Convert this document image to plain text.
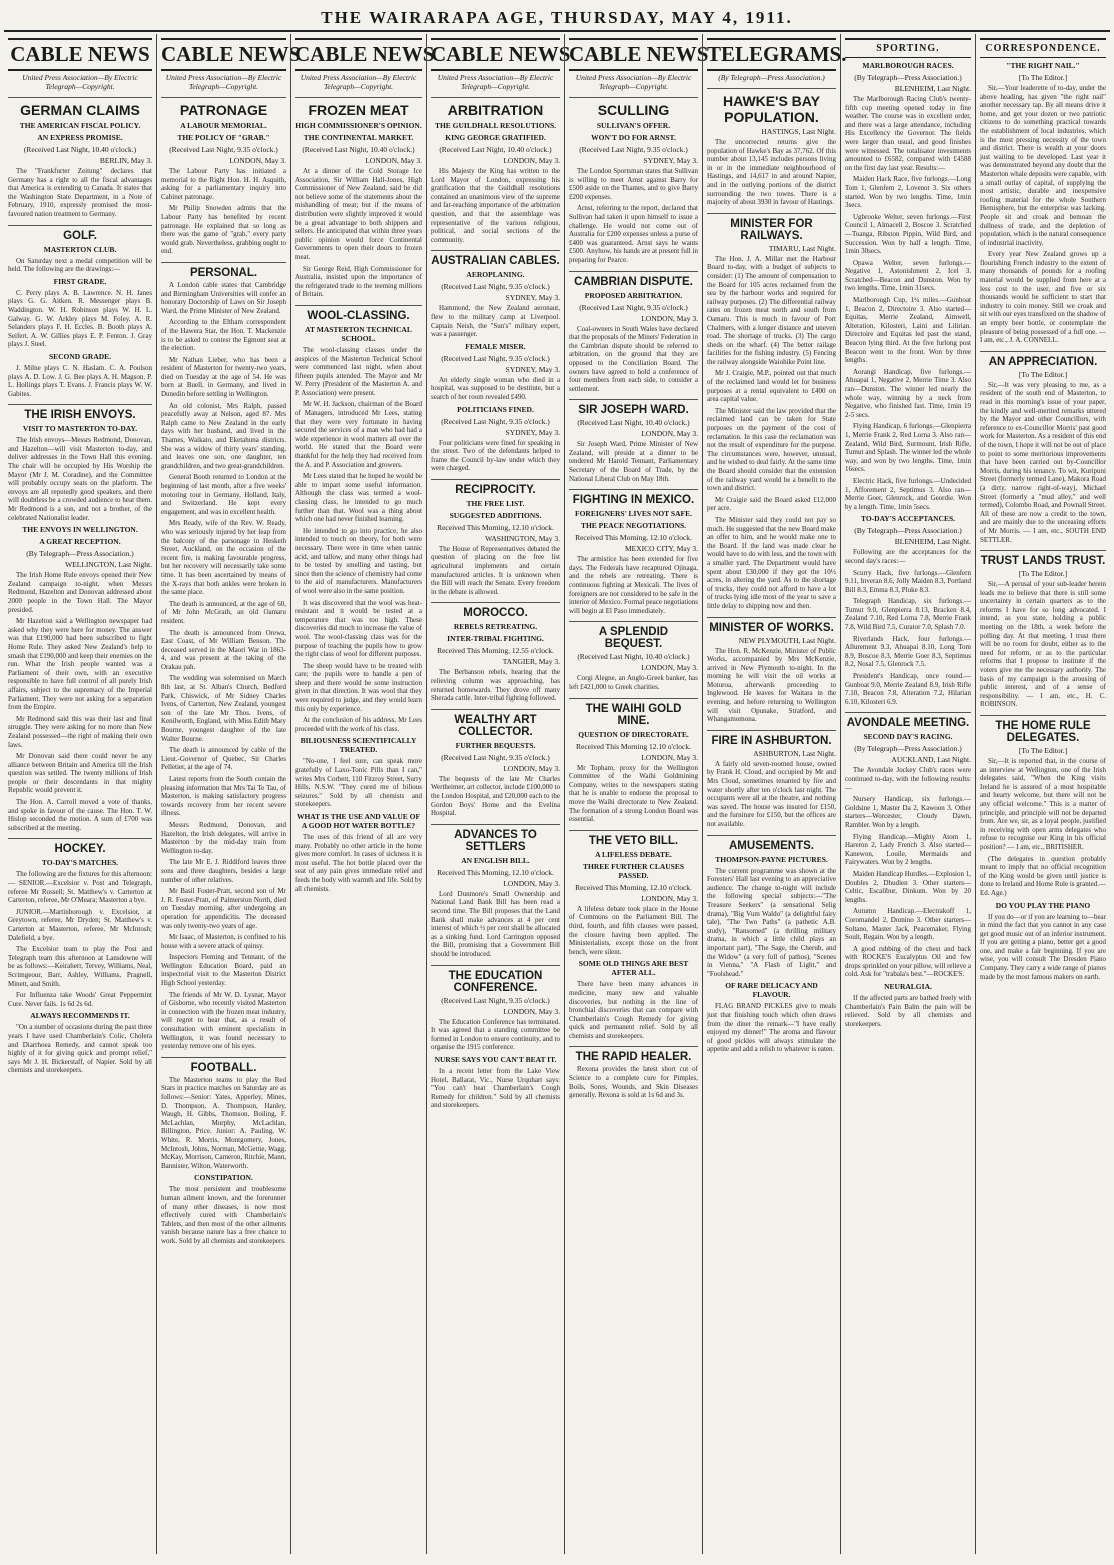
THE WAIRARAPA AGE, THURSDAY, MAY 4, 1911.
CABLE NEWS
United Press Association—By Electric Telegraph—Copyright.
GERMAN CLAIMS
THE AMERICAN FISCAL POLICY.
AN EXPRESS PROMISE.
(Received Last Night, 10.40 o'clock.)
BERLIN, May 3.
The "Frankfurter Zeitung" declares that Germany has a right to all the fiscal advantages that America is extending to Canada. It states that the Washington State Department, in a Note of February, 1910, expressly promised the most-favoured nation treatment to Germany.
GOLF.
MASTERTON CLUB.
On Saturday next a medal competition will be held. The following are the drawings:—
FIRST GRADE.
C. Perry plays A. B. Lawrence. N. H. Janes plays G. G. Aitken. R. Messenger plays B. Waddington. W. H. Robinson plays W. H. L. Galway. G. W. Arkley plays M. Foley. A. R. Selanders plays F. H. Eccles. B. Booth plays A. Seifert. A. W. Gillies plays E. P. Fenton. J. Gray plays J. Steel.
SECOND GRADE.
J. Milne plays C. N. Haslam. C. A. Poulson plays A. D. Low. J. G. Bee plays A. H. Magson. P. L. Hollings plays T. Evans. J. Francis plays W. W. Gabites.
THE IRISH ENVOYS.
VISIT TO MASTERTON TO-DAY.
The Irish envoys—Messrs Redmond, Donovan, and Hazelton—will visit Masterton to-day, and deliver addresses in the Town Hall this evening. The chair will be occupied by His Worship the Mayor (Mr J. M. Coradine), and the Committee will probably occupy seats on the platform. The envoys are all reputedly good speakers, and there will doubtless be a crowded audience to hear them. Mr Redmond is a son, and not a brother, of the celebrated Nationalist leader.
THE ENVOYS IN WELLINGTON.
A GREAT RECEPTION.
(By Telegraph—Press Association.)
WELLINGTON, Last Night.
The Irish Home Rule envoys opened their New Zealand campaign to-night, when Messrs Redmond, Hazelton and Donovan addressed about 2000 people in the Town Hall. The Mayor presided.
Mr Hazelton said a Wellington newspaper had asked why they were here for money. The answer was that £190,000 had been subscribed to fight Home Rule. They asked New Zealand's help to smash that £190,000 and keep their enemies on the run. What the Irish people wanted was a Parliament of their own, with an executive responsible to have full control of all purely Irish affairs, subject to the supremacy of the Imperial Parliament. They were not asking for a separation from the Empire.
Mr Redmond said this was their last and final struggle. They were asking for no more than New Zealand possessed—the right of making their own laws.
Mr Donovan said there could never be any alliance between Britain and America till the Irish question was settled. The twenty millions of Irish people or their descendants in that mighty Republic would prevent it.
The Hon. A. Carroll moved a vote of thanks, and spoke in favour of the cause. The Hon. T. W. Hislop seconded the motion. A sum of £700 was subscribed at the meeting.
HOCKEY.
TO-DAY'S MATCHES.
The following are the fixtures for this afternoon:— SENIOR.—Excelsior v. Post and Telegraph, referee Mr Rossell; St. Matthew's v. Carterton at Carterton, referee, Mr O'Meara; Masterton a bye.
JUNIOR.—Martinborough v. Excelsior, at Greytown, referee, Mr Dryden; St. Matthew's v. Carterton at Masterton, referee, Mr McIntosh; Dalefield, a bye.
The Excelsior team to play the Post and Telegraph team this afternoon at Lansdowne will be as follows:—Keiraherr, Tervey, Williams, Neal, Scrimgeour, Barr, Ashley, Williams, Pragnell, Minett, and Smith.
For Influenza take Woods' Great Peppermint Cure. Never fails. 1s 6d 2s 6d.
ALWAYS RECOMMENDS IT.
"On a number of occasions during the past three years I have used Chamberlain's Colic, Cholera and Diarrhoea Remedy, and cannot speak too highly of it for giving quick and prompt relief," says Mr J. H. Bickerstaff, of Napier. Sold by all chemists and storekeepers.
CABLE NEWS
United Press Association—By Electric Telegraph—Copyright.
PATRONAGE
A LABOUR MEMORIAL.
THE POLICY OF "GRAB."
(Received Last Night, 9.35 o'clock.)
LONDON, May 3.
The Labour Party has initiated a memorial to the Right Hon. H. H. Asquith, asking for a parliamentary inquiry into Cabinet patronage.
Mr Philip Snowden admits that the Labour Party has benefited by recent patronage. He explained that so long as there was the game of "grab," every party would grab. Nevertheless, grabbing ought to end.
PERSONAL.
A London cable states that Cambridge and Birmingham Universities will confer an honorary Doctorship of Laws on Sir Joseph Ward, the Prime Minister of New Zealand.
According to the Eltham correspondent of the Hawera Star, the Hon. T. Mackenzie is to be asked to contest the Egmont seat at the election.
Mr Nathan Lieber, who has been a resident of Masterton for twenty-two years, died on Tuesday at the age of 54. He was born at Buell, in Germany, and lived in Dunedin before settling in Wellington.
An old colonist, Mrs Ralph, passed peacefully away at Nelson, aged 87. Mrs Ralph came to New Zealand in the early days with her husband, and lived in the Thames, Waikato, and Eketahuna districts. She was a widow of thirty years' standing, and leaves one son, one daughter, ten grandchildren, and two great-grandchildren.
General Booth returned to London at the beginning of last month, after a five weeks' motoring tour in Germany, Holland, Italy, and Switzerland. He kept every engagement, and was in excellent health.
Mrs Ready, wife of the Rev. W. Ready, who was seriously injured by her leap from the balcony of the parsonage in Hesketh Street, Auckland, on the occasion of the recent fire, is making favourable progress, but her recovery will necessarily take some time. It has been ascertained by means of the X-rays that both ankles were broken in the same place.
The death is announced, at the age of 60, of Mr John McGrath, an old Oamaru resident.
The death is announced from Orewa, East Coast, of Mr William Benson. The deceased served in the Maori War in 1863-4, and was present at the taking of the Orakau pah.
The wedding was solemnised on March 8th last, at St. Alban's Church, Bedford Park, Chiswick, of Mr Sidney Charles Ivens, of Carterton, New Zealand, youngest son of the late Mr Thos. Ivens, of Kenilworth, England, with Miss Edith Mary Bourne, youngest daughter of the late Walter Bourne.
The death is announced by cable of the Lieut.-Governor of Quebec, Sir Charles Pelletier, at the age of 74.
Latest reports from the South contain the pleasing information that Mrs Tai Te Tau, of Masterton, is making satisfactory progress towards recovery from her recent severe illness.
Messrs Redmond, Donovan, and Hazelton, the Irish delegates, will arrive in Masterton by the mid-day train from Wellington to-day.
The late Mr E. J. Riddiford leaves three sons and three daughters, besides a large number of other relatives.
Mr Basil Foster-Pratt, second son of Mr J. R. Foster-Pratt, of Palmerston North, died on Tuesday morning, after undergoing an operation for appendicitis. The deceased was only twenty-two years of age.
Mr Isaac, of Masterton, is confined to his house with a severe attack of quinsy.
Inspectors Fleming and Tennant, of the Wellington Education Board, paid an inspectorial visit to the Masterton District High School yesterday.
The friends of Mr W. D. Lysnar, Mayor of Gisborne, who recently visited Masterton in connection with the frozen meat industry, will regret to hear that, as a result of consultation with eminent specialists in Wellington, it was found necessary to yesterday remove one of his eyes.
FOOTBALL.
The Masterton teams to play the Red Stars in practice matches on Saturday are as follows:—Senior: Yates, Apperley, Mines, D. Thompson, A. Thompson, Hanley, Waugh, H. Gibbs, Thomson, Boiling, F. McLachlan, Murphy, McLachlan, Billington, Price. Junior: A. Pauling, W. White, R. Morris, Montgomery, Jones, McIntosh, Johns, Norman, McGettie, Wagg, McKay, Morrison, Cameron, Ritchie, Mann, Bannister, Wilton, Waterworth.
CONSTIPATION.
The most persistent and troublesome human ailment known, and the forerunner of many other diseases, is now most effectively cured with Chamberlain's Tablets, and then most of the other ailments vanish because nature has a free chance to work. Sold by all chemists and storekeepers.
CABLE NEWS
United Press Association—By Electric Telegraph—Copyright.
FROZEN MEAT
HIGH COMMISSIONER'S OPINION.
THE CONTINENTAL MARKET.
(Received Last Night, 10.40 o'clock.)
LONDON, May 3.
At a dinner of the Cold Storage Ice Association, Sir William Hall-Jones, High Commissioner of New Zealand, said he did not believe some of the statements about the mishandling of meat; but if the means of distribution were slightly improved it would be a great advantage to both shippers and sellers. He anticipated that within three years public opinion would force Continental Governments to open their doors to frozen meat.
Sir George Reid, High Commissioner for Australia, insisted upon the importance of the refrigerated trade to the teeming millions of Britain.
WOOL-CLASSING.
AT MASTERTON TECHNICAL SCHOOL.
The wool-classing classes under the auspices of the Masterton Technical School were commenced last night, when about fifteen pupils attended. The Mayor and Mr W. Perry (President of the Masterton A. and P. Association) were present.
Mr W. H. Jackson, chairman of the Board of Managers, introduced Mr Lees, stating that they were very fortunate in having secured the services of a man who had had a wide experience in wool matters all over the world. He stated that the Board were thankful for the help they had received from the A. and P. Association and growers.
Mr Lees stated that he hoped he would be able to impart some useful information. Although the class was termed a wool-classing class, he intended to go much further than that. Wool was a thing about which one had never finished learning.
He intended to go into practice, he also intended to touch on theory, for both were necessary. There were in time when tannic acid, and tallow, and many other things had to be tested by smelling and tasting, but since then the science of chemistry had come to the aid of manufacturers. Manufacturers of wool were also in the same position.
It was discovered that the wool was heat-resistant and it would be tested at a temperature that was too high. These discoveries did much to increase the value of wool. The wool-classing class was for the purpose of teaching the pupils how to grow the right class of wool for different purposes.
The sheep would have to be treated with care; the pupils were to handle a pen of sheep and there would be some instruction given in that direction. It was wool that they were required to judge, and they would learn this only by experience.
At the conclusion of his address, Mr Lees proceeded with the work of his class.
BILIOUSNESS SCIENTIFICALLY TREATED.
"No-one, I feel sure, can speak more gratefully of Laxo-Tonic Pills than I can," writes Mrs Corbett, 110 Fitzroy Street, Surry Hills, N.S.W. "They cured me of bilious seizures." Sold by all chemists and storekeepers.
WHAT IS THE USE AND VALUE OF A GOOD HOT WATER BOTTLE?
The uses of this friend of all are very many. Probably no other article in the home gives more comfort. In cases of sickness it is most useful. The hot bottle placed over the seat of any pain gives immediate relief and feeds the body with warmth and life. Sold by all chemists.
CABLE NEWS
United Press Association—By Electric Telegraph—Copyright.
ARBITRATION
THE GUILDHALL RESOLUTIONS.
KING GEORGE GRATIFIED.
(Received Last Night, 10.40 o'clock.)
LONDON, May 3.
His Majesty the King has written to the Lord Mayor of London, expressing his gratification that the Guildhall resolutions contained an unanimous view of the supreme and far-reaching importance of the arbitration question, and that the assemblage was representative of the various religious, political, and social sections of the community.
AUSTRALIAN CABLES.
AEROPLANING.
(Received Last Night, 9.35 o'clock.)
SYDNEY, May 3.
Hammond, the New Zealand aeronaut, flew to the military camp at Liverpool. Captain Neish, the "Sun's" military expert, was a passenger.
FEMALE MISER.
(Received Last Night, 9.35 o'clock.)
SYDNEY, May 3.
An elderly single woman who died in a hospital, was supposed to be destitute, but a search of her room revealed £490.
POLITICIANS FINED.
(Received Last Night, 9.35 o'clock.)
SYDNEY, May 3.
Four politicians were fined for speaking in the street. Two of the defendants helped to frame the Council by-law under which they were charged.
RECIPROCITY.
THE FREE LIST.
SUGGESTED ADDITIONS.
Received This Morning, 12.10 o'clock.
WASHINGTON, May 3.
The House of Representatives debated the question of placing on the free list agricultural implements and certain manufactured articles. It is unknown when the Bill will reach the Senate. Every freedom in the debate is allowed.
MOROCCO.
REBELS RETREATING.
INTER-TRIBAL FIGHTING.
Received This Morning, 12.55 o'clock.
TANGIER, May 3.
The Berbanson rebels, hearing that the relieving column was approaching, has returned homewards. They drove off many Sherada cattle. Inter-tribal fighting followed.
WEALTHY ART COLLECTOR.
FURTHER BEQUESTS.
(Received Last Night, 9.35 o'clock.)
LONDON, May 3.
The bequests of the late Mr Charles Wertheimer, art collector, include £100,000 to the London Hospital, and £20,000 each to the Gordon Boys' Home and the Evelina Hospital.
ADVANCES TO SETTLERS
AN ENGLISH BILL.
Received This Morning, 12.10 o'clock.
LONDON, May 3.
Lord Dunmore's Small Ownership and National Land Bank Bill has been read a second time. The Bill proposes that the Land Bank shall make advances at 4 per cent interest of which ½ per cent shall be allocated as a sinking fund. Lord Carrington opposed the Bill, promising that a Government Bill should be introduced.
THE EDUCATION CONFERENCE.
(Received Last Night, 9.35 o'clock.)
LONDON, May 3.
The Education Conference has terminated. It was agreed that a standing committee be formed in London to ensure continuity, and to organise the 1915 conference.
NURSE SAYS YOU CAN'T BEAT IT.
In a recent letter from the Lake View Hotel, Ballarat, Vic., Nurse Urquhart says: "You can't beat Chamberlain's Cough Remedy for children." Sold by all chemists and storekeepers.
CABLE NEWS
United Press Association—By Electric Telegraph—Copyright.
SCULLING
SULLIVAN'S OFFER.
WON'T DO FOR ARNST.
(Received Last Night, 9.35 o'clock.)
SYDNEY, May 3.
The London Sportsman states that Sullivan is willing to meet Arnst against Barry for £500 aside on the Thames, and to give Barry £200 expenses.
Arnst, referring to the report, declared that Sullivan had taken it upon himself to issue a challenge. He would not come out of Australia for £200 expenses unless a purse of £400 was guaranteed. Arnst says he wants £500. Anyhow, his hands are at present full in preparing for Pearce.
CAMBRIAN DISPUTE.
PROPOSED ARBITRATION.
(Received Last Night, 9.35 o'clock.)
LONDON, May 3.
Coal-owners in South Wales have declared that the proposals of the Miners' Federation in the Cambrian dispute should be referred to arbitration, on the ground that they are opposed to the Conciliation Board. The owners have agreed to hold a conference of four members from each side, to consider a settlement.
SIR JOSEPH WARD.
(Received Last Night, 10.40 o'clock.)
LONDON, May 3.
Sir Joseph Ward, Prime Minister of New Zealand, will preside at a dinner to be tendered Mr Harold Tennant, Parliamentary Secretary of the Board of Trade, by the National Liberal Club on May 18th.
FIGHTING IN MEXICO.
FOREIGNERS' LIVES NOT SAFE.
THE PEACE NEGOTIATIONS.
Received This Morning, 12.10 o'clock.
MEXICO CITY, May 3.
The armistice has been extended for five days. The Federals have recaptured Ojinaga, and the rebels are retreating. There is continuous fighting at Mexicali. The lives of foreigners are not considered to be safe in the interior of Mexico. Formal peace negotiations will begin at El Paso immediately.
A SPLENDID BEQUEST.
(Received Last Night, 10.40 o'clock.)
LONDON, May 3.
Corgi Alegne, an Anglo-Greek banker, has left £421,000 to Greek charities.
THE WAIHI GOLD MINE.
QUESTION OF DIRECTORATE.
Received This Morning 12.10 o'clock.
LONDON, May 3.
Mr Topham, proxy for the Wellington Committee of the Waihi Goldmining Company, writes to the newspapers stating that he is unable to endorse the proposal to move the Waihi directorate to New Zealand. The formation of a strong London Board was essential.
THE VETO BILL.
A LIFELESS DEBATE.
THREE FURTHER CLAUSES PASSED.
Received This Morning, 12.10 o'clock.
LONDON, May 3.
A lifeless debate took place in the House of Commons on the Parliament Bill. The third, fourth, and fifth clauses were passed, the closure having been applied. The Ministerialists, except those on the front bench, were silent.
SOME OLD THINGS ARE BEST AFTER ALL.
There have been many advances in medicine, many new and valuable discoveries, but nothing in the line of bronchial discoveries that can compare with Chamberlain's Cough Remedy for giving quick and permanent relief. Sold by all chemists and storekeepers.
THE RAPID HEALER.
Rexona provides the latest short cut of Science to a complete cure for Pimples, Boils, Sores, Wounds, and Skin Diseases generally. Rexona is sold at 1s 6d and 3s.
TELEGRAMS.
(By Telegraph—Press Association.)
HAWKE'S BAY POPULATION.
HASTINGS, Last Night.
The uncorrected returns give the population of Hawke's Bay as 37,762. Of this number about 13,145 includes persons living in or in the immediate neighbourhood of Hastings, and 14,617 in and around Napier, and in the outlying portions of the district surrounding the two towns. There is a majority of about 3930 in favour of Hastings.
MINISTER FOR RAILWAYS.
TIMARU, Last Night.
The Hon. J. A. Millar met the Harbour Board to-day, with a budget of subjects to consider: (1) The amount of compensation to the Board for 105 acres reclaimed from the sea by the harbour works and required for railway purposes. (2) The differential railway rates on frozen meat north and south from Oamaru. This is much in favour of Port Chalmers, with a longer distance and uneven road. The shortage of trucks. (3) The cargo sheds on the wharf. (4) The better railage facilities for the fishing industry. (5) Fencing the railway alongside Waiohike Point line.
Mr J. Craigie, M.P., pointed out that much of the reclaimed land would let for business purposes at a rental equivalent to £400 on area capital value.
The Minister said the law provided that the reclaimed land can be taken for State purposes on the payment of the cost of reclamation. In this case the reclamation was not the result of expenditure for the purpose. The circumstances were, however, unusual, and he wished to deal fairly. At the same time the Board should consider that the extension of the railway yard would be a benefit to the town and district.
Mr Craigie said the Board asked £12,000 per acre.
The Minister said they could not pay so much. He suggested that the new Board make an offer to him, and he would make one to the Board. If the land was made clear he would have to do with less, and the town with a smaller yard. The Department would have spent about £30,000 if they got the 10½ acres, in altering the yard. As to the shortage of trucks, they could not afford to have a lot of trucks lying idle most of the year to save a little delay to shipping now and then.
MINISTER OF WORKS.
NEW PLYMOUTH, Last Night.
The Hon. R. McKenzie, Minister of Public Works, accompanied by Mrs McKenzie, arrived in New Plymouth to-night. In the morning he will visit the oil works at Moturoa, afterwards proceeding to Inglewood. He leaves for Waitara in the evening, and before returning to Wellington will visit Opunake, Stratford, and Whangamomona.
FIRE IN ASHBURTON.
ASHBURTON, Last Night.
A fairly old seven-roomed house, owned by Frank H. Cloud, and occupied by Mr and Mrs Cloud, sometimes tenanted by fire and water shortly after ten o'clock last night. The occupants were all at the theatre, and nothing was saved. The house was insured for £150, and the furniture for £150, but the offices are not available.
AMUSEMENTS.
THOMPSON-PAYNE PICTURES.
The current programme was shown at the Foresters' Hall last evening to an appreciative audience. The change to-night will include the following special subjects:—"The Treasure Seekers" (a sensational Selig drama), "Big Vum Waldo" (a delightful fairy tale), "The Two Paths" (a pathetic A.B. study), "Ransomed" (a thrilling military drama, in which a little child plays an important part), "The Sage, the Cherub, and the Widow" (a very full of pathos), "Scenes in Vienna," "A Flash of Light," and "Foolshead."
OF RARE DELICACY AND FLAVOUR.
FLAG BRAND PICKLES give to meals just that finishing touch which often draws from the diner the remark—"I have really enjoyed my dinner!" The aroma and flavour of good pickles will always stimulate the appetite and add a relish to whatever is eaten.
SPORTING.
MARLBOROUGH RACES.
(By Telegraph—Press Association.)
BLENHEIM, Last Night.
The Marlborough Racing Club's twenty-fifth cup meeting opened today in fine weather. The course was in excellent order, and there was a large attendance, including His Excellency the Governor. The fields were larger than usual, and good finishes were witnessed. The totalisator investments amounted to £6582, compared with £4588 on the first day last year. Results:—
Maiden Hack Race, five furlongs.—Long Tom 1, Glenfern 2, Lovenot 3. Six others started. Won by two lengths. Time, 1min 3secs.
Ugbrooke Welter, seven furlongs.—First Council 1, Almacell 2, Boscoe 3. Scratched—Toanga, Ribston Pippin, Wild Bird, and Succession. Won by half a length. Time, 1min 30secs.
Opawa Welter, seven furlongs.—Negative 1, Astonishment 2, Icel 3. Scratched—Beacon and Dunston. Won by two lengths. Time, 1min 31secs.
Marlborough Cup, 1¼ miles.—Gunboat 1, Beacon 2, Directoire 3. Also started—Equitas, Merrie Zealand, Aimwell, Alteration, Kilosteri, Laini and Lilirian. Directoire and Equitas led past the stand, Beacon lying third. At the five furlong post Beacon went to the front. Won by three lengths.
Aorangi Handicap, five furlongs.—Ahuapai 1, Negative 2, Merrie Time 3. Also ran—Dunston. The winner led nearly the whole way, winning by a neck from Negative, who finished fast. Time, 1min 19 2-5 secs.
Flying Handicap, 6 furlongs.—Glenpierra 1, Merrie Frank 2, Red Lorna 3. Also ran—Zealand, Wild Bird, Surmount, Irish Rifle, Tumut and Splash. The winner led the whole way, and won by two lengths. Time, 1min 16secs.
Electric Hack, five furlongs.—Undecided 1, Afforement 2, Septimus 3. Also ran—Merrie Goer, Glenrock, and Geordie. Won by a length. Time, 1min 5secs.
TO-DAY'S ACCEPTANCES.
(By Telegraph—Press Association.)
BLENHEIM, Last Night.
Following are the acceptances for the second day's races:—
Scurry Hack, five furlongs.—Glenfern 9.11, Inveran 8.6, Jolly Maiden 8.3, Portland Bill 8.3, Emma 8.3, Pluke 8.3.
Telegraph Handicap, six furlongs.—Tumut 9.0, Glenpierra 8.13, Bracken 8.4, Zealand 7.10, Red Lorna 7.8, Merrie Frank 7.8, Wild Bird 7.5, Curator 7.0, Splash 7.0.
Riverlands Hack, four furlongs.—Allurement 9.3, Ahuapai 8.10, Long Tom 8.9, Boscoe 8.3, Merrie Goer 8.3, Septimus 8.2, Nosal 7.5, Glenrock 7.5.
President's Handicap, once round.—Gunboat 9.0, Merrie Zealand 8.9, Irish Rifle 7.10, Beacon 7.8, Alteration 7.2, Hilarian 6.10, Kilosteri 6.9.
AVONDALE MEETING.
SECOND DAY'S RACING.
(By Telegraph—Press Association.)
AUCKLAND, Last Night.
The Avondale Jockey Club's races were continued to-day, with the following results:—
Nursery Handicap, six furlongs.—Goldsine 1, Master Da 2, Kawoon 3. Other starters—Worcester, Cloudy Dawn, Rambler. Won by a length.
Flying Handicap.—Mighty Atom 1, Hareron 2, Lady French 3. Also started—Kanewon, Louile, Mermaids and Fairywaters. Won by 2 lengths.
Maiden Handicap Hurdles.—Explosion 1, Doubles 2, Dhudien 3. Other starters—Celtic, Escalibur, Dinkum. Won by 20 lengths.
Autumn Handicap.—Electrakoff 1, Coromandel 2, Domino 3. Other starters—Soltano, Master Jack, Peacemaker, Flying Soult, Regain. Won by a length.
A good rubbing of the chest and back with ROCKE'S Eucalyptus Oil and few drops sprinkled on your pillow, will relieve a cold. Ask for "trabala's best."—ROCKE'S.
NEURALGIA.
If the affected parts are bathed freely with Chamberlain's Pain Balm the pain will be relieved. Sold by all chemists and storekeepers.
CORRESPONDENCE.
"THE RIGHT NAIL."
[To The Editor.]
Sir,—Your leaderette of to-day, under the above heading, has given "the right nail" another necessary tap. By all means drive it home, and get your dozen or two patriotic citizens to do something practical towards the establishment of local industries, which is the most pressing necessity of the town and district. There is wealth at your doors just waiting to be developed. Last year it was demonstrated beyond any doubt that the Masterton whale deposits were capable, with a small outlay of capital, of supplying the most artistic, durable and inexpensive roofing material for the whole Southern Hemisphere, but the enterprise was lacking. People sit and croak and bemoan the dullness of trade, and the depletion of population, which is the natural consequence of industrial inactivity.
Every year New Zealand grows up a flourishing French industry to the extent of many thousands of pounds for a roofing material would be supplied from here at a less cost to the user, and five or six thousands would be sufficient to start that industry to coin money. Still we croak and sit with our eyes transfixed on the shadow of an empty beer bottle, or contemplate the pleasure of being possessed of a full one. — I am, etc., J. A. CONNELL.
AN APPRECIATION.
[To The Editor.]
Sir,—It was very pleasing to me, as a resident of the south end of Masterton, to read in this morning's issue of your paper, the kindly and well-merited remarks uttered by the Mayor and other Councillors, with reference to ex-Councillor Morris' past good work for Masterton. As a resident of this end of the town, I hope it will not be out of place to point to some meritorious improvements that have been carried out by-Councillor Morris, during his tenancy. To wit, Kuripuni Street (formerly termed Lane), Makora Road (a dirty, narrow right-of-way), Michael Street (formerly a "mud alley," and well termed), Colombo Road, and Pownall Street. All of these are now a credit to the town, and are mainly due to the unceasing efforts of Mr Morris. — I am, etc., SOUTH END SETTLER.
TRUST LANDS TRUST.
[To The Editor.]
Sir,—A perusal of your sub-leader herein leads me to believe that there is still some uncertainty in certain quarters as to the reforms I have for so long advocated. I intend, as you state, holding a public meeting on the 18th, a week before the polling day. At that meeting, I trust there will be no room for doubt, either as to the need for reform, or as to the particular reforms that I propose to institute if the voters give me the necessary authority. The basis of my campaign is the arousing of public interest, and of a sense of responsibility. — I am, etc., H. C. ROBINSON.
THE HOME RULE DELEGATES.
[To The Editor.]
Sir,—It is reported that, in the course of an interview at Wellington, one of the Irish delegates said, "When the King visits Ireland he is assured of a most hospitable and hearty welcome, but there will not be any official welcome." This is a matter of principle, and principle will not be departed from. Are we, sir, as a loyal people, justified in receiving with open arms delegates who refuse to recognise our King in his official position? — I am, etc., BRITISHER.
(The delegates in question probably meant to imply that no official recognition of the King would be given until justice is done to Ireland and Home Rule is granted.—Ed. Age.)
DO YOU PLAY THE PIANO
If you do—or if you are learning to—bear in mind the fact that you cannot in any case get good music out of an inferior instrument. If you are getting a piano, better get a good one, and make a fair beginning. If you are wise, you will consult The Dresden Piano Company. They carry a wide range of pianos made by the most famous makers on earth.
